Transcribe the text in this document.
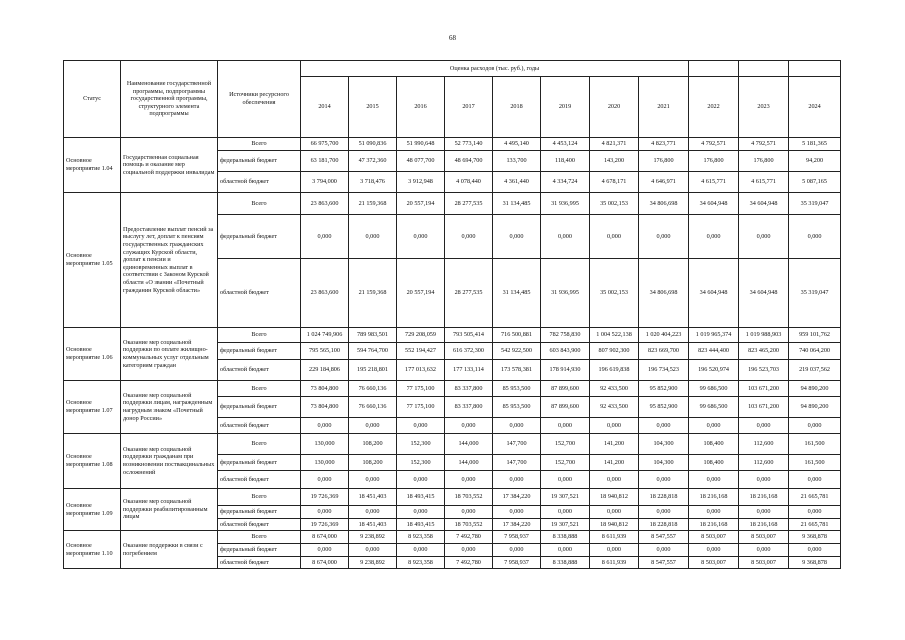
68
Статус	Наименование государственной программы, подпрограммы государственной программы, структурного элемента подпрограммы	Источники ресурсного обеспечения	Оценка расходов (тыс. руб.), годы										
			2014	2015	2016	2017	2018	2019	2020	2021	2022	2023	2024
Основное мероприятие 1.04	Государственная социальная помощь и оказание мер социальной поддержки инвалидам	Всего	66 975,700	51 090,836	51 990,648	52 773,140	4 495,140	4 453,124	4 821,371	4 823,771	4 792,571	4 792,571	5 181,365
		федеральный бюджет	63 181,700	47 372,360	48 077,700	48 694,700	133,700	118,400	143,200	176,800	176,800	176,800	94,200
		областной бюджет	3 794,000	3 718,476	3 912,948	4 078,440	4 361,440	4 334,724	4 678,171	4 646,971	4 615,771	4 615,771	5 087,165
Основное мероприятие 1.05	Предоставление выплат пенсий за выслугу лет, доплат к пенсиям государственных гражданских служащих Курской области, доплат к пенсии и единовременных выплат в соответствии с Законом Курской области «О звании «Почетный гражданин Курской области»	Всего	23 863,600	21 159,368	20 557,194	28 277,535	31 134,485	31 936,995	35 002,153	34 806,698	34 604,948	34 604,948	35 319,047
		федеральный бюджет	0,000	0,000	0,000	0,000	0,000	0,000	0,000	0,000	0,000	0,000	0,000
		областной бюджет	23 863,600	21 159,368	20 557,194	28 277,535	31 134,485	31 936,995	35 002,153	34 806,698	34 604,948	34 604,948	35 319,047
Основное мероприятие 1.06	Оказание мер социальной поддержки по оплате жилищно-коммунальных услуг отдельным категориям граждан	Всего	1 024 749,906	789 983,501	729 208,059	793 505,414	716 500,881	782 758,830	1 004 522,138	1 020 404,223	1 019 965,374	1 019 988,903	959 101,762
		федеральный бюджет	795 565,100	594 764,700	552 194,427	616 372,300	542 922,500	603 843,900	807 902,300	823 669,700	823 444,400	823 465,200	740 064,200
		областной бюджет	229 184,806	195 218,801	177 013,632	177 133,114	173 578,381	178 914,930	196 619,838	196 734,523	196 520,974	196 523,703	219 037,562
Основное мероприятие 1.07	Оказание мер социальной поддержки лицам, награжденным нагрудным знаком «Почетный донор России»	Всего	73 804,800	76 660,136	77 175,100	83 337,800	85 953,500	87 899,600	92 433,500	95 852,900	99 686,500	103 671,200	94 890,200
		федеральный бюджет	73 804,800	76 660,136	77 175,100	83 337,800	85 953,500	87 899,600	92 433,500	95 852,900	99 686,500	103 671,200	94 890,200
		областной бюджет	0,000	0,000	0,000	0,000	0,000	0,000	0,000	0,000	0,000	0,000	0,000
Основное мероприятие 1.08	Оказание мер социальной поддержки гражданам при возникновении поствакцинальных осложнений	Всего	130,000	108,200	152,300	144,000	147,700	152,700	141,200	104,300	108,400	112,600	161,500
		федеральный бюджет	130,000	108,200	152,300	144,000	147,700	152,700	141,200	104,300	108,400	112,600	161,500
		областной бюджет	0,000	0,000	0,000	0,000	0,000	0,000	0,000	0,000	0,000	0,000	0,000
Основное мероприятие 1.09	Оказание мер социальной поддержки реабилитированным лицам	Всего	19 726,369	18 451,403	18 493,415	18 703,552	17 384,220	19 307,521	18 940,812	18 228,818	18 216,168	18 216,168	21 665,781
		федеральный бюджет	0,000	0,000	0,000	0,000	0,000	0,000	0,000	0,000	0,000	0,000	0,000
		областной бюджет	19 726,369	18 451,403	18 493,415	18 703,552	17 384,220	19 307,521	18 940,812	18 228,818	18 216,168	18 216,168	21 665,781
Основное мероприятие 1.10	Оказание поддержки в связи с погребением	Всего	8 674,000	9 238,892	8 923,358	7 492,780	7 958,937	8 338,888	8 611,939	8 547,557	8 503,007	8 503,007	9 368,878
		федеральный бюджет	0,000	0,000	0,000	0,000	0,000	0,000	0,000	0,000	0,000	0,000	0,000
		областной бюджет	8 674,000	9 238,892	8 923,358	7 492,780	7 958,937	8 338,888	8 611,939	8 547,557	8 503,007	8 503,007	9 368,878
